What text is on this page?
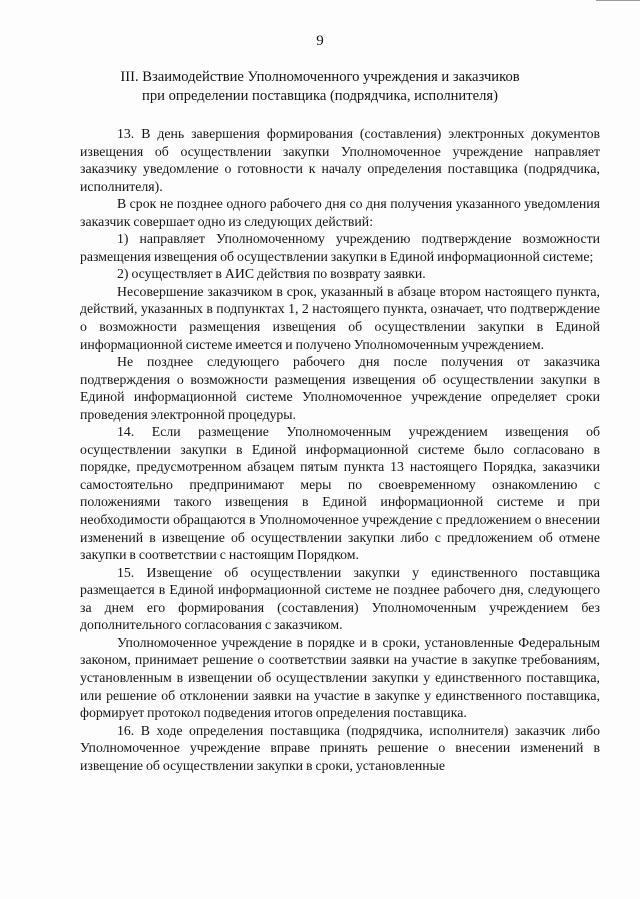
9
III. Взаимодействие Уполномоченного учреждения и заказчиков
при определении поставщика (подрядчика, исполнителя)

13. В день завершения формирования (составления) электронных документов извещения об осуществлении закупки Уполномоченное учреждение направляет заказчику уведомление о готовности к началу определения поставщика (подрядчика, исполнителя).

В срок не позднее одного рабочего дня со дня получения указанного уведомления заказчик совершает одно из следующих действий:

1) направляет Уполномоченному учреждению подтверждение возможности размещения извещения об осуществлении закупки в Единой информационной системе;

2) осуществляет в АИС действия по возврату заявки.

Несовершение заказчиком в срок, указанный в абзаце втором настоящего пункта, действий, указанных в подпунктах 1, 2 настоящего пункта, означает, что подтверждение о возможности размещения извещения об осуществлении закупки в Единой информационной системе имеется и получено Уполномоченным учреждением.

Не позднее следующего рабочего дня после получения от заказчика подтверждения о возможности размещения извещения об осуществлении закупки в Единой информационной системе Уполномоченное учреждение определяет сроки проведения электронной процедуры.

14. Если размещение Уполномоченным учреждением извещения об осуществлении закупки в Единой информационной системе было согласовано в порядке, предусмотренном абзацем пятым пункта 13 настоящего Порядка, заказчики самостоятельно предпринимают меры по своевременному ознакомлению с положениями такого извещения в Единой информационной системе и при необходимости обращаются в Уполномоченное учреждение с предложением о внесении изменений в извещение об осуществлении закупки либо с предложением об отмене закупки в соответствии с настоящим Порядком.

15. Извещение об осуществлении закупки у единственного поставщика размещается в Единой информационной системе не позднее рабочего дня, следующего за днем его формирования (составления) Уполномоченным учреждением без дополнительного согласования с заказчиком.

Уполномоченное учреждение в порядке и в сроки, установленные Федеральным законом, принимает решение о соответствии заявки на участие в закупке требованиям, установленным в извещении об осуществлении закупки у единственного поставщика, или решение об отклонении заявки на участие в закупке у единственного поставщика, формирует протокол подведения итогов определения поставщика.

16. В ходе определения поставщика (подрядчика, исполнителя) заказчик либо Уполномоченное учреждение вправе принять решение о внесении изменений в извещение об осуществлении закупки в сроки, установленные
